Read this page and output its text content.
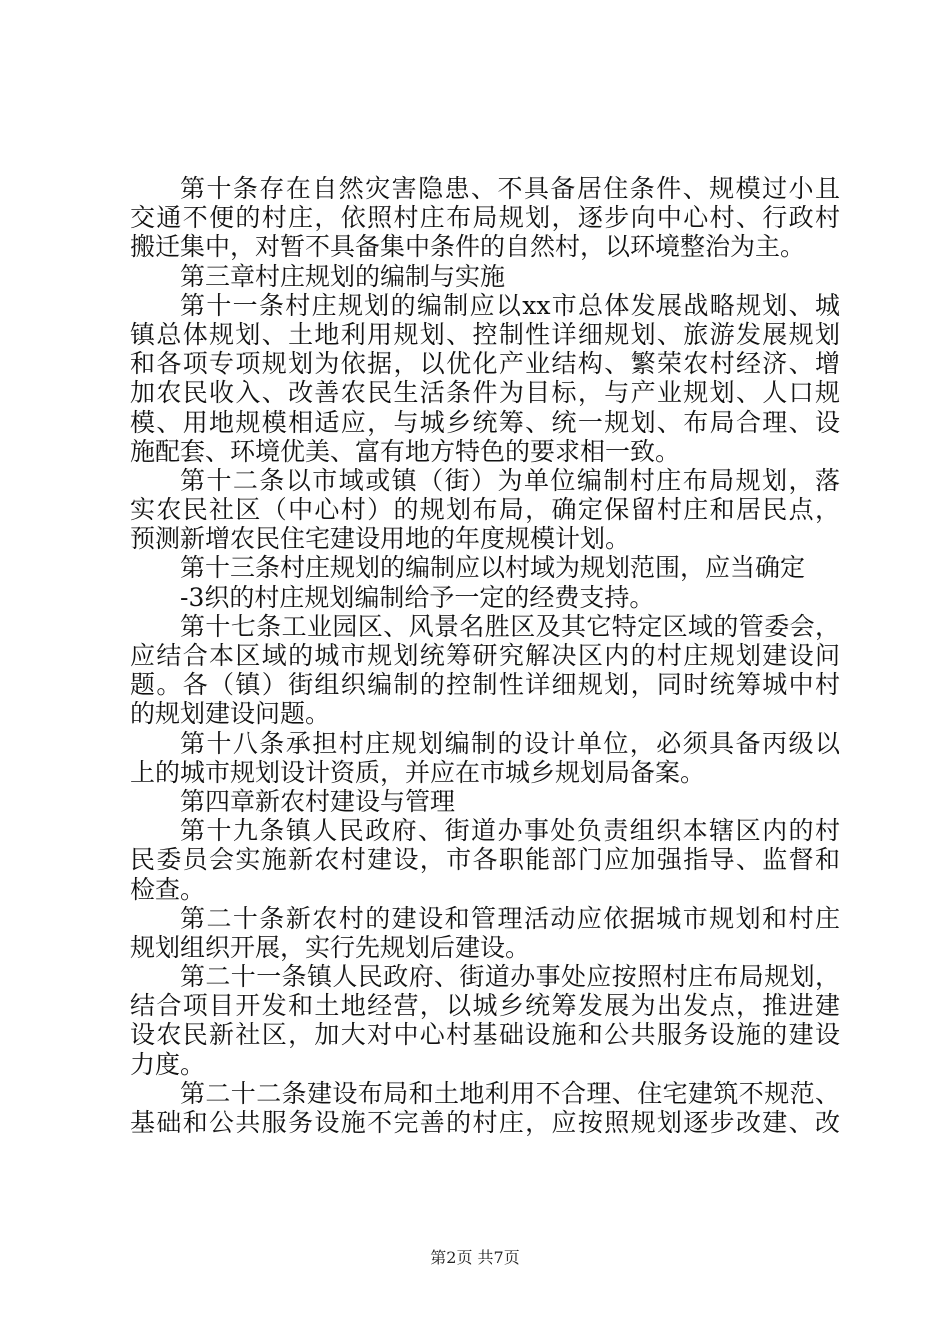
第十条存在自然灾害隐患、不具备居住条件、规模过小且
交通不便的村庄，依照村庄布局规划，逐步向中心村、行政村
搬迁集中，对暂不具备集中条件的自然村，以环境整治为主。
第三章村庄规划的编制与实施
第十一条村庄规划的编制应以xx市总体发展战略规划、城
镇总体规划、土地利用规划、控制性详细规划、旅游发展规划
和各项专项规划为依据，以优化产业结构、繁荣农村经济、增
加农民收入、改善农民生活条件为目标，与产业规划、人口规
模、用地规模相适应，与城乡统筹、统一规划、布局合理、设
施配套、环境优美、富有地方特色的要求相一致。
第十二条以市域或镇（街）为单位编制村庄布局规划，落
实农民社区（中心村）的规划布局，确定保留村庄和居民点，
预测新增农民住宅建设用地的年度规模计划。
第十三条村庄规划的编制应以村域为规划范围，应当确定
-3织的村庄规划编制给予一定的经费支持。
第十七条工业园区、风景名胜区及其它特定区域的管委会，
应结合本区域的城市规划统筹研究解决区内的村庄规划建设问
题。各（镇）街组织编制的控制性详细规划，同时统筹城中村
的规划建设问题。
第十八条承担村庄规划编制的设计单位，必须具备丙级以
上的城市规划设计资质，并应在市城乡规划局备案。
第四章新农村建设与管理
第十九条镇人民政府、街道办事处负责组织本辖区内的村
民委员会实施新农村建设，市各职能部门应加强指导、监督和
检查。
第二十条新农村的建设和管理活动应依据城市规划和村庄
规划组织开展，实行先规划后建设。
第二十一条镇人民政府、街道办事处应按照村庄布局规划，
结合项目开发和土地经营，以城乡统筹发展为出发点，推进建
设农民新社区，加大对中心村基础设施和公共服务设施的建设
力度。
第二十二条建设布局和土地利用不合理、住宅建筑不规范、
基础和公共服务设施不完善的村庄，应按照规划逐步改建、改
第2页 共7页
